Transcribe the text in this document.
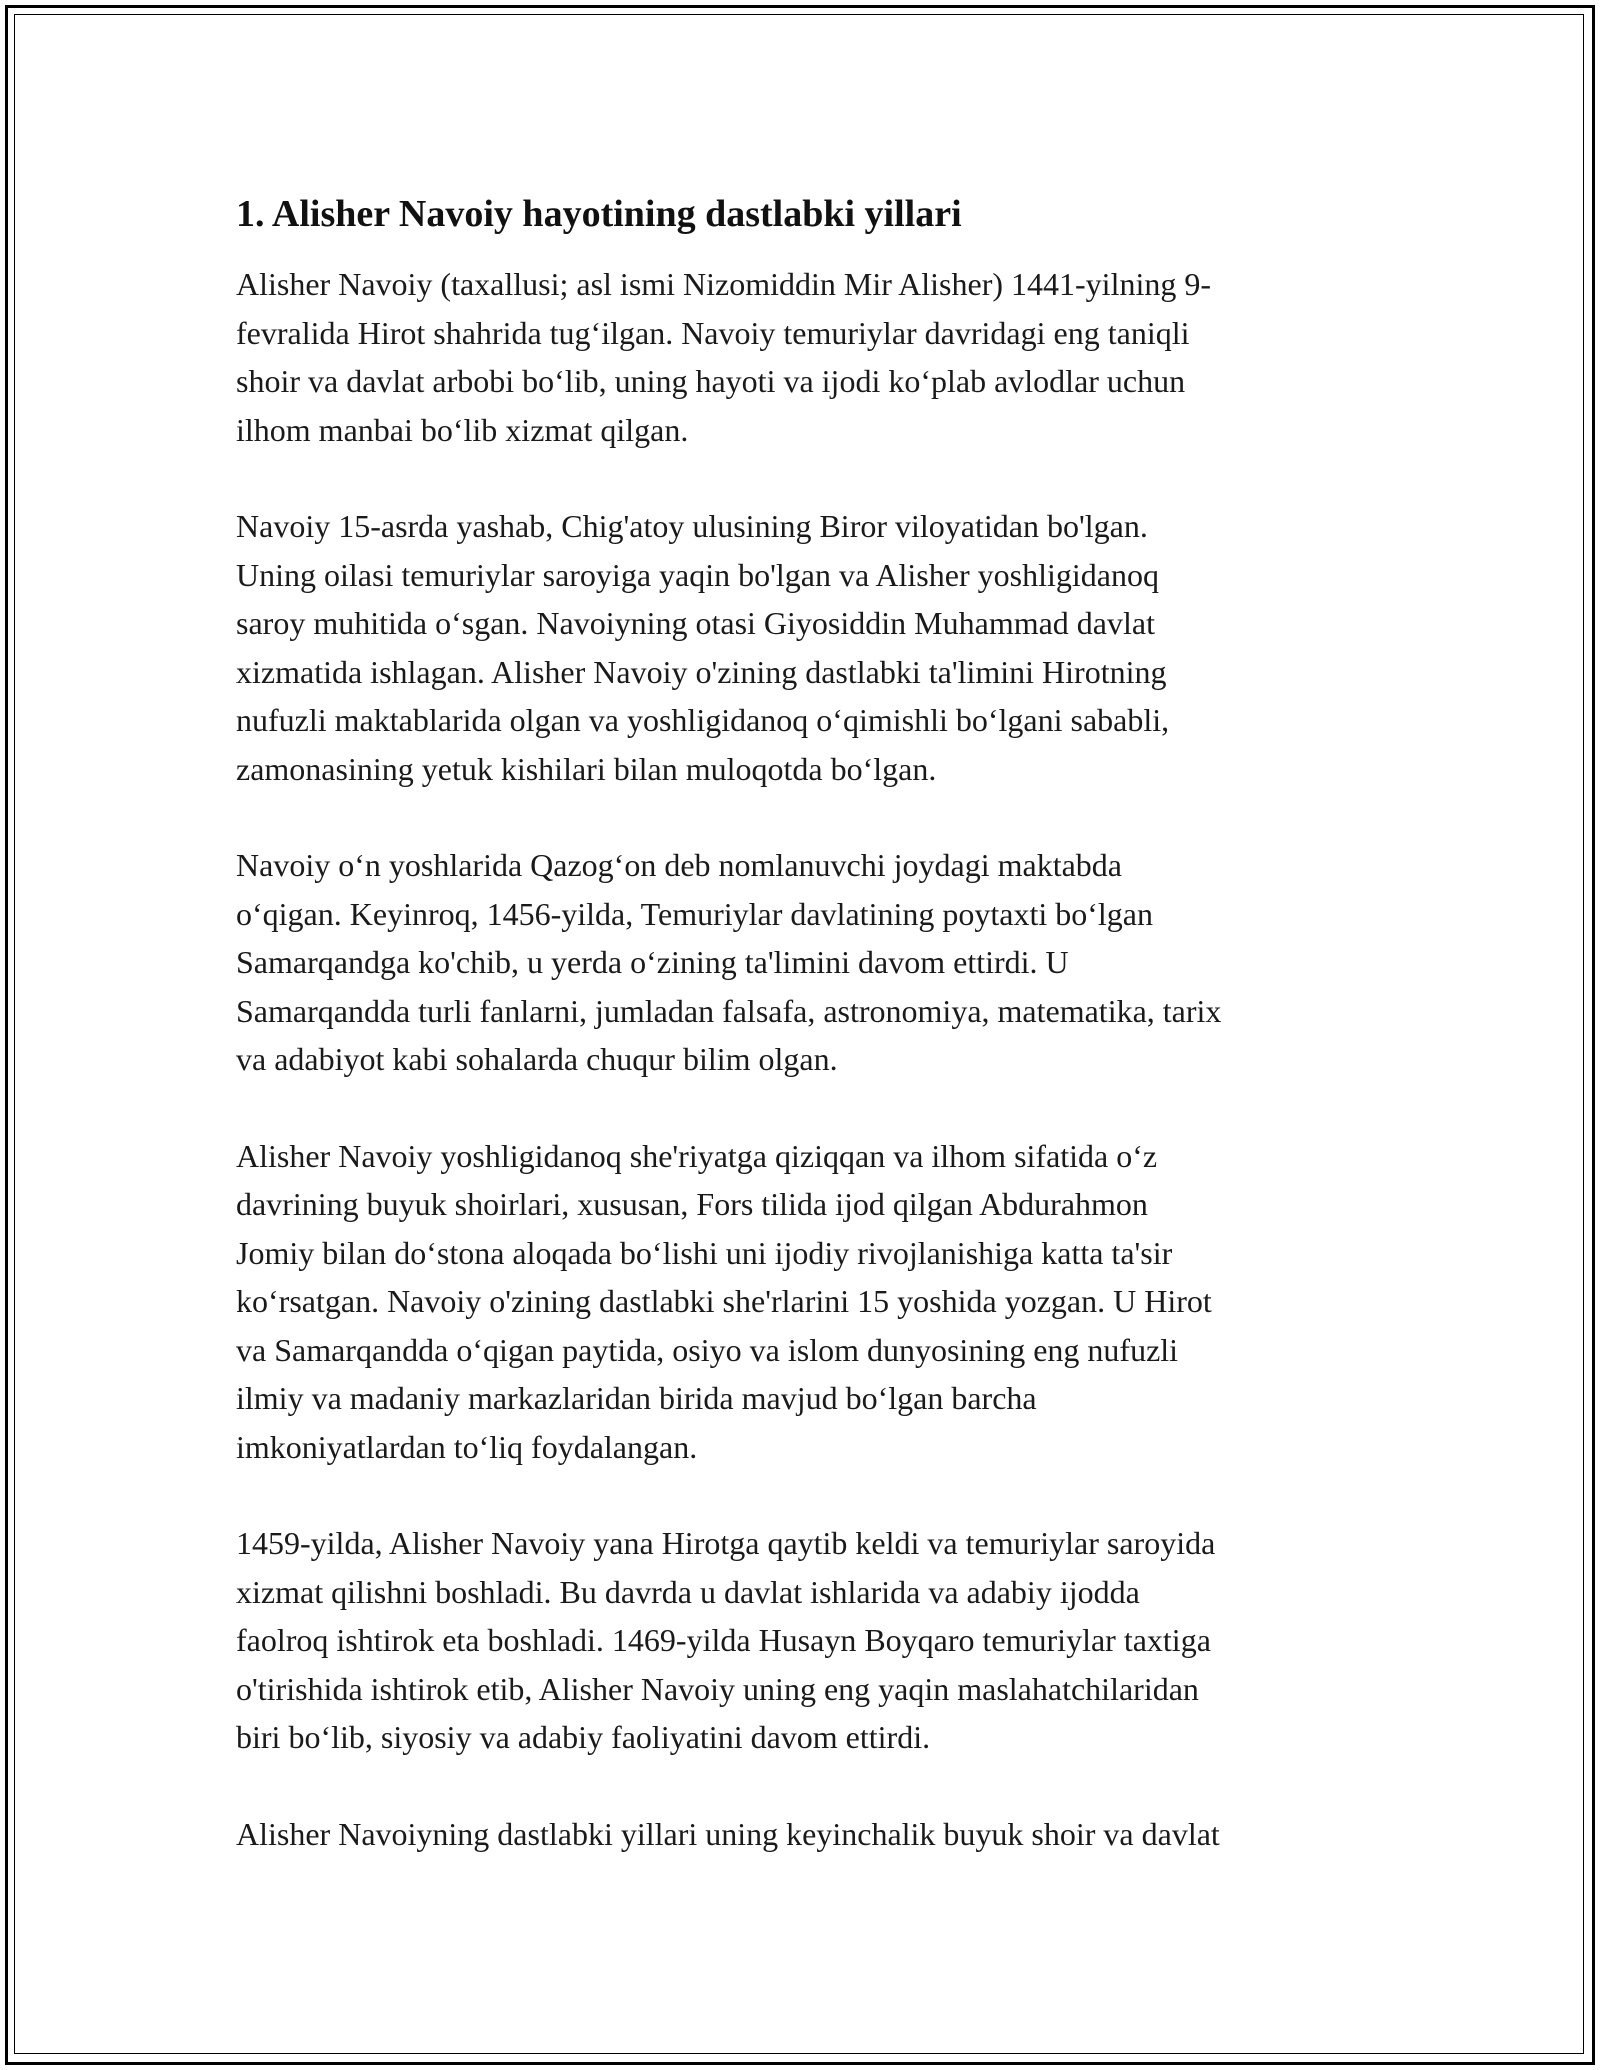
1. Alisher Navoiy hayotining dastlabki yillari

Alisher Navoiy (taxallusi; asl ismi Nizomiddin Mir Alisher) 1441-yilning 9-
fevralida Hirot shahrida tug‘ilgan. Navoiy temuriylar davridagi eng taniqli
shoir va davlat arbobi bo‘lib, uning hayoti va ijodi ko‘plab avlodlar uchun
ilhom manbai bo‘lib xizmat qilgan.

Navoiy 15-asrda yashab, Chig'atoy ulusining Biror viloyatidan bo'lgan.
Uning oilasi temuriylar saroyiga yaqin bo'lgan va Alisher yoshligidanoq
saroy muhitida o‘sgan. Navoiyning otasi Giyosiddin Muhammad davlat
xizmatida ishlagan. Alisher Navoiy o'zining dastlabki ta'limini Hirotning
nufuzli maktablarida olgan va yoshligidanoq o‘qimishli bo‘lgani sababli,
zamonasining yetuk kishilari bilan muloqotda bo‘lgan.

Navoiy o‘n yoshlarida Qazog‘on deb nomlanuvchi joydagi maktabda
o‘qigan. Keyinroq, 1456-yilda, Temuriylar davlatining poytaxti bo‘lgan
Samarqandga ko'chib, u yerda o‘zining ta'limini davom ettirdi. U
Samarqandda turli fanlarni, jumladan falsafa, astronomiya, matematika, tarix
va adabiyot kabi sohalarda chuqur bilim olgan.

Alisher Navoiy yoshligidanoq she'riyatga qiziqqan va ilhom sifatida o‘z
davrining buyuk shoirlari, xususan, Fors tilida ijod qilgan Abdurahmon
Jomiy bilan do‘stona aloqada bo‘lishi uni ijodiy rivojlanishiga katta ta'sir
ko‘rsatgan. Navoiy o'zining dastlabki she'rlarini 15 yoshida yozgan. U Hirot
va Samarqandda o‘qigan paytida, osiyo va islom dunyosining eng nufuzli
ilmiy va madaniy markazlaridan birida mavjud bo‘lgan barcha
imkoniyatlardan to‘liq foydalangan.

1459-yilda, Alisher Navoiy yana Hirotga qaytib keldi va temuriylar saroyida
xizmat qilishni boshladi. Bu davrda u davlat ishlarida va adabiy ijodda
faolroq ishtirok eta boshladi. 1469-yilda Husayn Boyqaro temuriylar taxtiga
o'tirishida ishtirok etib, Alisher Navoiy uning eng yaqin maslahatchilaridan
biri bo‘lib, siyosiy va adabiy faoliyatini davom ettirdi.

Alisher Navoiyning dastlabki yillari uning keyinchalik buyuk shoir va davlat
